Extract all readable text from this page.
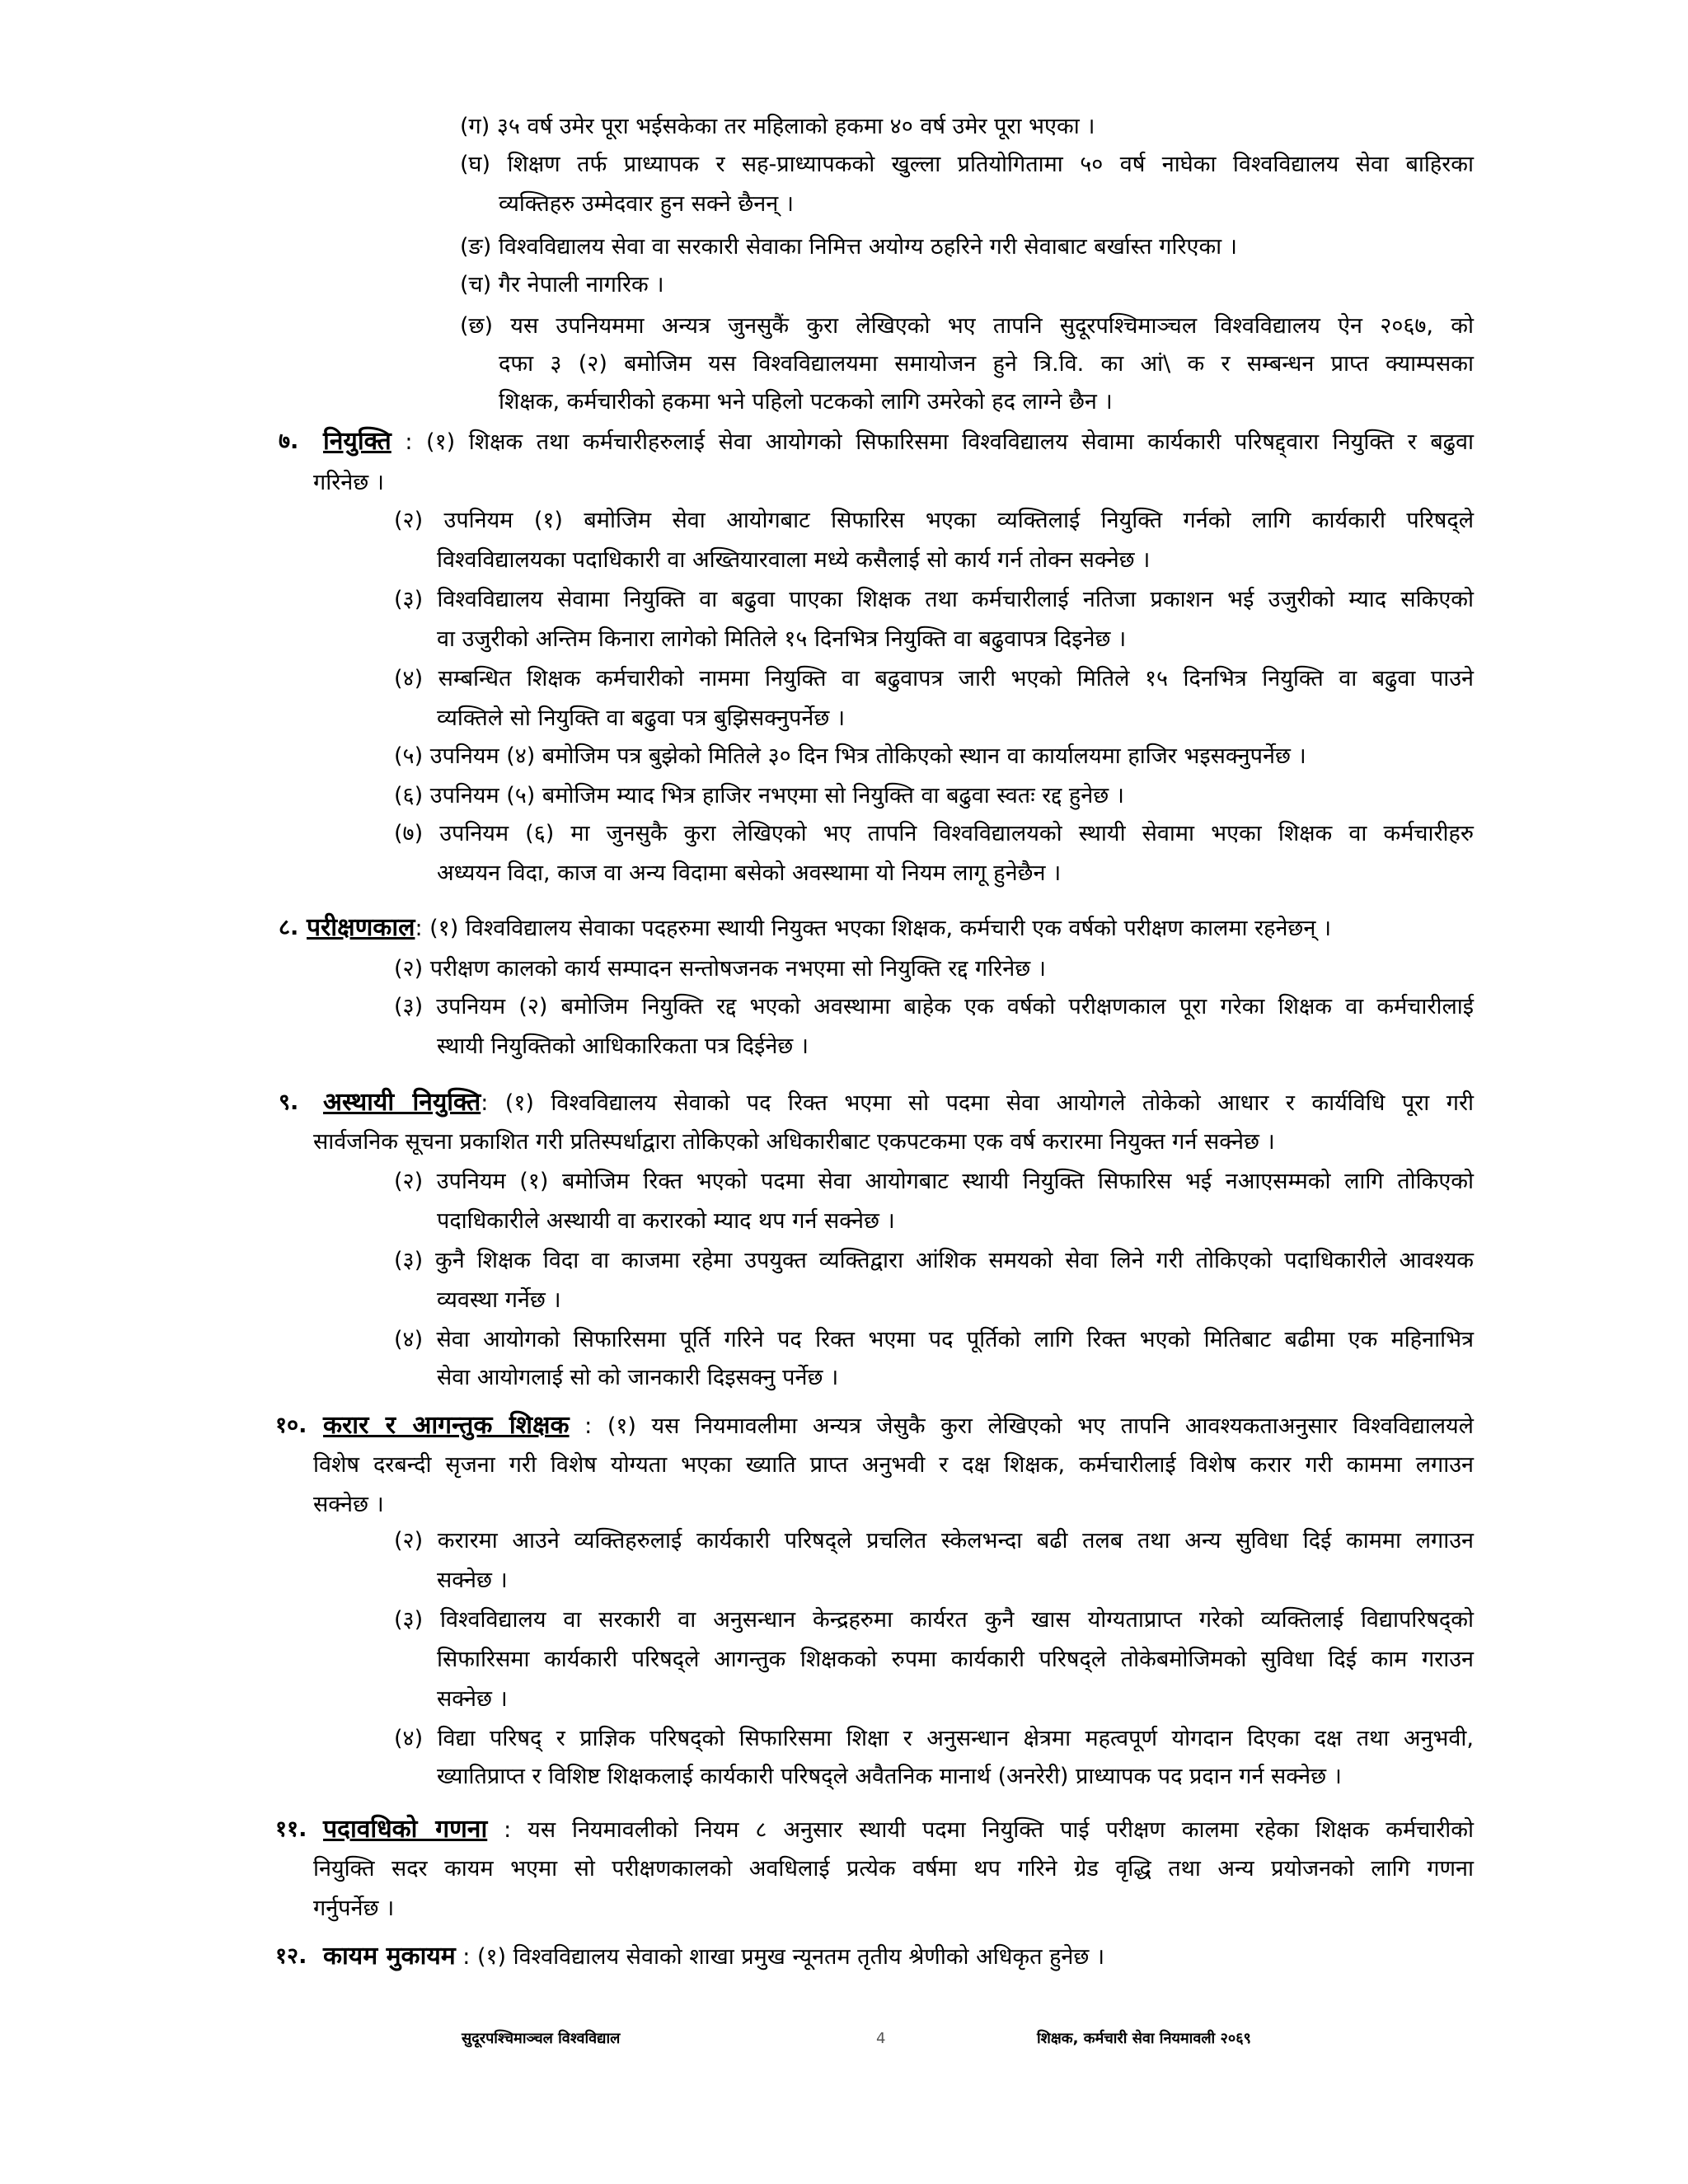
(ग) ३५ वर्ष उमेर पूरा भईसकेका तर महिलाको हकमा ४० वर्ष उमेर पूरा भएका ।
(घ) शिक्षण तर्फ प्राध्यापक र सह-प्राध्यापकको खुल्ला प्रतियोगितामा ५० वर्ष नाघेका विश्वविद्यालय सेवा बाहिरका
व्यक्तिहरु उम्मेदवार हुन सक्ने छैनन् ।
(ङ) विश्वविद्यालय सेवा वा सरकारी सेवाका निमित्त अयोग्य ठहरिने गरी सेवाबाट बर्खास्त गरिएका ।
(च) गैर नेपाली नागरिक ।
(छ) यस उपनियममा अन्यत्र जुनसुकैं कुरा लेखिएको भए तापनि सुदूरपश्चिमाञ्चल विश्वविद्यालय ऐन २०६७, को
दफा ३ (२) बमोजिम यस विश्वविद्यालयमा समायोजन हुने त्रि.वि. का आं\ क र सम्बन्धन प्राप्त क्याम्पसका
शिक्षक, कर्मचारीको हकमा भने पहिलो पटकको लागि उमरेको हद लाग्ने छैन ।
७. नियुक्ति : (१) शिक्षक तथा कर्मचारीहरुलाई सेवा आयोगको सिफारिसमा विश्वविद्यालय सेवामा कार्यकारी परिषद्द्वारा नियुक्ति र बढुवा
गरिनेछ ।
(२) उपनियम (१) बमोजिम सेवा आयोगबाट सिफारिस भएका व्यक्तिलाई नियुक्ति गर्नको लागि कार्यकारी परिषद्ले
विश्वविद्यालयका पदाधिकारी वा अख्तियारवाला मध्ये कसैलाई सो कार्य गर्न तोक्न सक्नेछ ।
(३) विश्वविद्यालय सेवामा नियुक्ति वा बढुवा पाएका शिक्षक तथा कर्मचारीलाई नतिजा प्रकाशन भई उजुरीको म्याद सकिएको
वा उजुरीको अन्तिम किनारा लागेको मितिले १५ दिनभित्र नियुक्ति वा बढुवापत्र दिइनेछ ।
(४) सम्बन्धित शिक्षक कर्मचारीको नाममा नियुक्ति वा बढुवापत्र जारी भएको मितिले १५ दिनभित्र नियुक्ति वा बढुवा पाउने
व्यक्तिले सो नियुक्ति वा बढुवा पत्र बुझिसक्नुपर्नेछ ।
(५) उपनियम (४) बमोजिम पत्र बुझेको मितिले ३० दिन भित्र तोकिएको स्थान वा कार्यालयमा हाजिर भइसक्नुपर्नेछ ।
(६) उपनियम (५) बमोजिम म्याद भित्र हाजिर नभएमा सो नियुक्ति वा बढुवा स्वतः रद्द हुनेछ ।
(७) उपनियम (६) मा जुनसुकै कुरा लेखिएको भए तापनि विश्वविद्यालयको स्थायी सेवामा भएका शिक्षक वा कर्मचारीहरु
अध्ययन विदा, काज वा अन्य विदामा बसेको अवस्थामा यो नियम लागू हुनेछैन ।
८. परीक्षणकाल: (१) विश्वविद्यालय सेवाका पदहरुमा स्थायी नियुक्त भएका शिक्षक, कर्मचारी एक वर्षको परीक्षण कालमा रहनेछन् ।
(२) परीक्षण कालको कार्य सम्पादन सन्तोषजनक नभएमा सो नियुक्ति रद्द गरिनेछ ।
(३) उपनियम (२) बमोजिम नियुक्ति रद्द भएको अवस्थामा बाहेक एक वर्षको परीक्षणकाल पूरा गरेका शिक्षक वा कर्मचारीलाई
स्थायी नियुक्तिको आधिकारिकता पत्र दिईनेछ ।
९. अस्थायी नियुक्ति: (१) विश्वविद्यालय सेवाको पद रिक्त भएमा सो पदमा सेवा आयोगले तोकेको आधार र कार्यविधि पूरा गरी
सार्वजनिक सूचना प्रकाशित गरी प्रतिस्पर्धाद्वारा तोकिएको अधिकारीबाट एकपटकमा एक वर्ष करारमा नियुक्त गर्न सक्नेछ ।
(२) उपनियम (१) बमोजिम रिक्त भएको पदमा सेवा आयोगबाट स्थायी नियुक्ति सिफारिस भई नआएसम्मको लागि तोकिएको
पदाधिकारीले अस्थायी वा करारको म्याद थप गर्न सक्नेछ ।
(३) कुनै शिक्षक विदा वा काजमा रहेमा उपयुक्त व्यक्तिद्वारा आंशिक समयको सेवा लिने गरी तोकिएको पदाधिकारीले आवश्यक
व्यवस्था गर्नेछ ।
(४) सेवा आयोगको सिफारिसमा पूर्ति गरिने पद रिक्त भएमा पद पूर्तिको लागि रिक्त भएको मितिबाट बढीमा एक महिनाभित्र
सेवा आयोगलाई सो को जानकारी दिइसक्नु पर्नेछ ।
१०. करार र आगन्तुक शिक्षक : (१) यस नियमावलीमा अन्यत्र जेसुकै कुरा लेखिएको भए तापनि आवश्यकताअनुसार विश्वविद्यालयले
विशेष दरबन्दी सृजना गरी विशेष योग्यता भएका ख्याति प्राप्त अनुभवी र दक्ष शिक्षक, कर्मचारीलाई विशेष करार गरी काममा लगाउन
सक्नेछ ।
(२) करारमा आउने व्यक्तिहरुलाई कार्यकारी परिषद्ले प्रचलित स्केलभन्दा बढी तलब तथा अन्य सुविधा दिई काममा लगाउन
सक्नेछ ।
(३) विश्वविद्यालय वा सरकारी वा अनुसन्धान केन्द्रहरुमा कार्यरत कुनै खास योग्यताप्राप्त गरेको व्यक्तिलाई विद्यापरिषद्को
सिफारिसमा कार्यकारी परिषद्ले आगन्तुक शिक्षकको रुपमा कार्यकारी परिषद्ले तोकेबमोजिमको सुविधा दिई काम गराउन
सक्नेछ ।
(४) विद्या परिषद् र प्राज्ञिक परिषद्को सिफारिसमा शिक्षा र अनुसन्धान क्षेत्रमा महत्वपूर्ण योगदान दिएका दक्ष तथा अनुभवी,
ख्यातिप्राप्त र विशिष्ट शिक्षकलाई कार्यकारी परिषद्ले अवैतनिक मानार्थ (अनरेरी) प्राध्यापक पद प्रदान गर्न सक्नेछ ।
११. पदावधिको गणना : यस नियमावलीको नियम ८ अनुसार स्थायी पदमा नियुक्ति पाई परीक्षण कालमा रहेका शिक्षक कर्मचारीको
नियुक्ति सदर कायम भएमा सो परीक्षणकालको अवधिलाई प्रत्येक वर्षमा थप गरिने ग्रेड वृद्धि तथा अन्य प्रयोजनको लागि गणना
गर्नुपर्नेछ ।
१२. कायम मुकायम : (१) विश्वविद्यालय सेवाको शाखा प्रमुख न्यूनतम तृतीय श्रेणीको अधिकृत हुनेछ ।
सुदूरपश्चिमाञ्चल विश्वविद्याल	4	शिक्षक, कर्मचारी सेवा नियमावली २०६९
